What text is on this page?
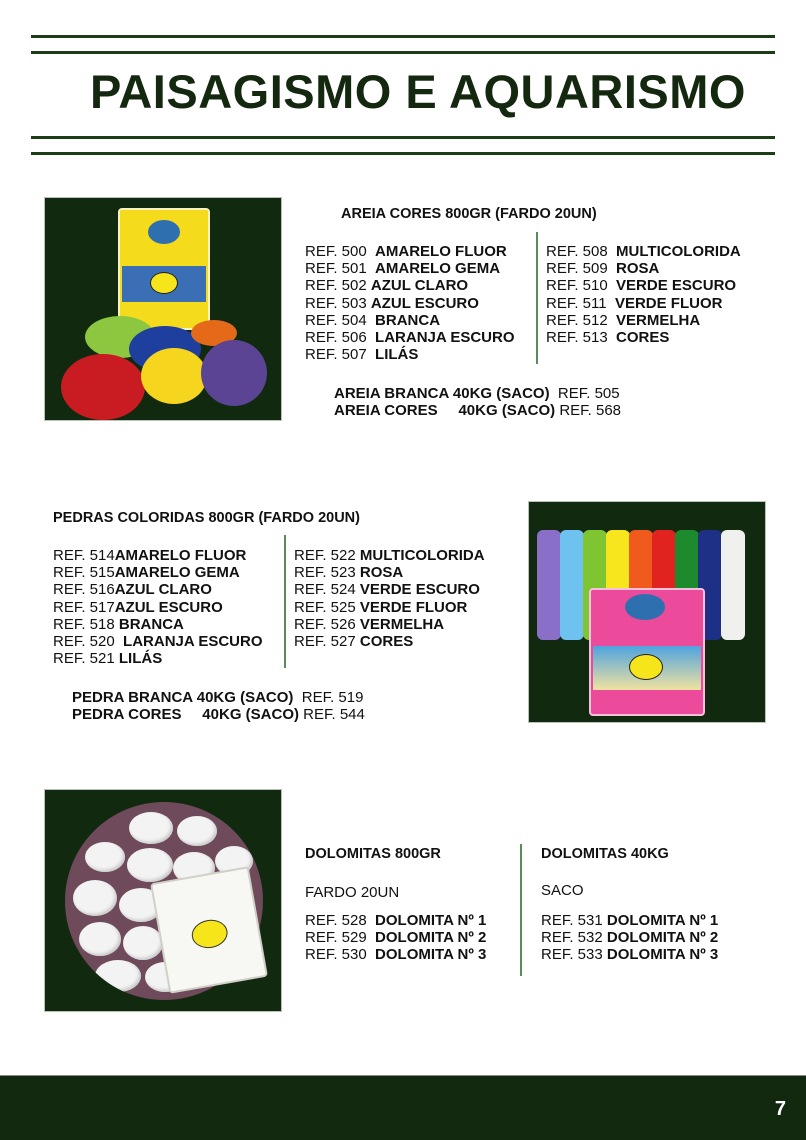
PAISAGISMO E AQUARISMO
AREIA CORES 800GR (FARDO 20UN)
REF. 500 AMARELO FLUOR
REF. 501 AMARELO GEMA
REF. 502 AZUL CLARO
REF. 503 AZUL ESCURO
REF. 504 BRANCA
REF. 506 LARANJA ESCURO
REF. 507 LILÁS
REF. 508 MULTICOLORIDA
REF. 509 ROSA
REF. 510 VERDE ESCURO
REF. 511 VERDE FLUOR
REF. 512 VERMELHA
REF. 513 CORES
AREIA BRANCA 40KG (SACO) REF. 505
AREIA CORES     40KG (SACO) REF. 568
PEDRAS COLORIDAS 800GR (FARDO 20UN)
REF. 514AMARELO FLUOR
REF. 515AMARELO GEMA
REF. 516AZUL CLARO
REF. 517AZUL ESCURO
REF. 518 BRANCA
REF. 520 LARANJA ESCURO
REF. 521 LILÁS
REF. 522 MULTICOLORIDA
REF. 523 ROSA
REF. 524 VERDE ESCURO
REF. 525 VERDE FLUOR
REF. 526 VERMELHA
REF. 527 CORES
PEDRA BRANCA 40KG (SACO) REF. 519
PEDRA CORES     40KG (SACO) REF. 544
DOLOMITAS 800GR
FARDO 20UN
REF. 528 DOLOMITA Nº 1
REF. 529 DOLOMITA Nº 2
REF. 530 DOLOMITA Nº 3
DOLOMITAS 40KG
SACO
REF. 531 DOLOMITA Nº 1
REF. 532 DOLOMITA Nº 2
REF. 533 DOLOMITA Nº 3
7
